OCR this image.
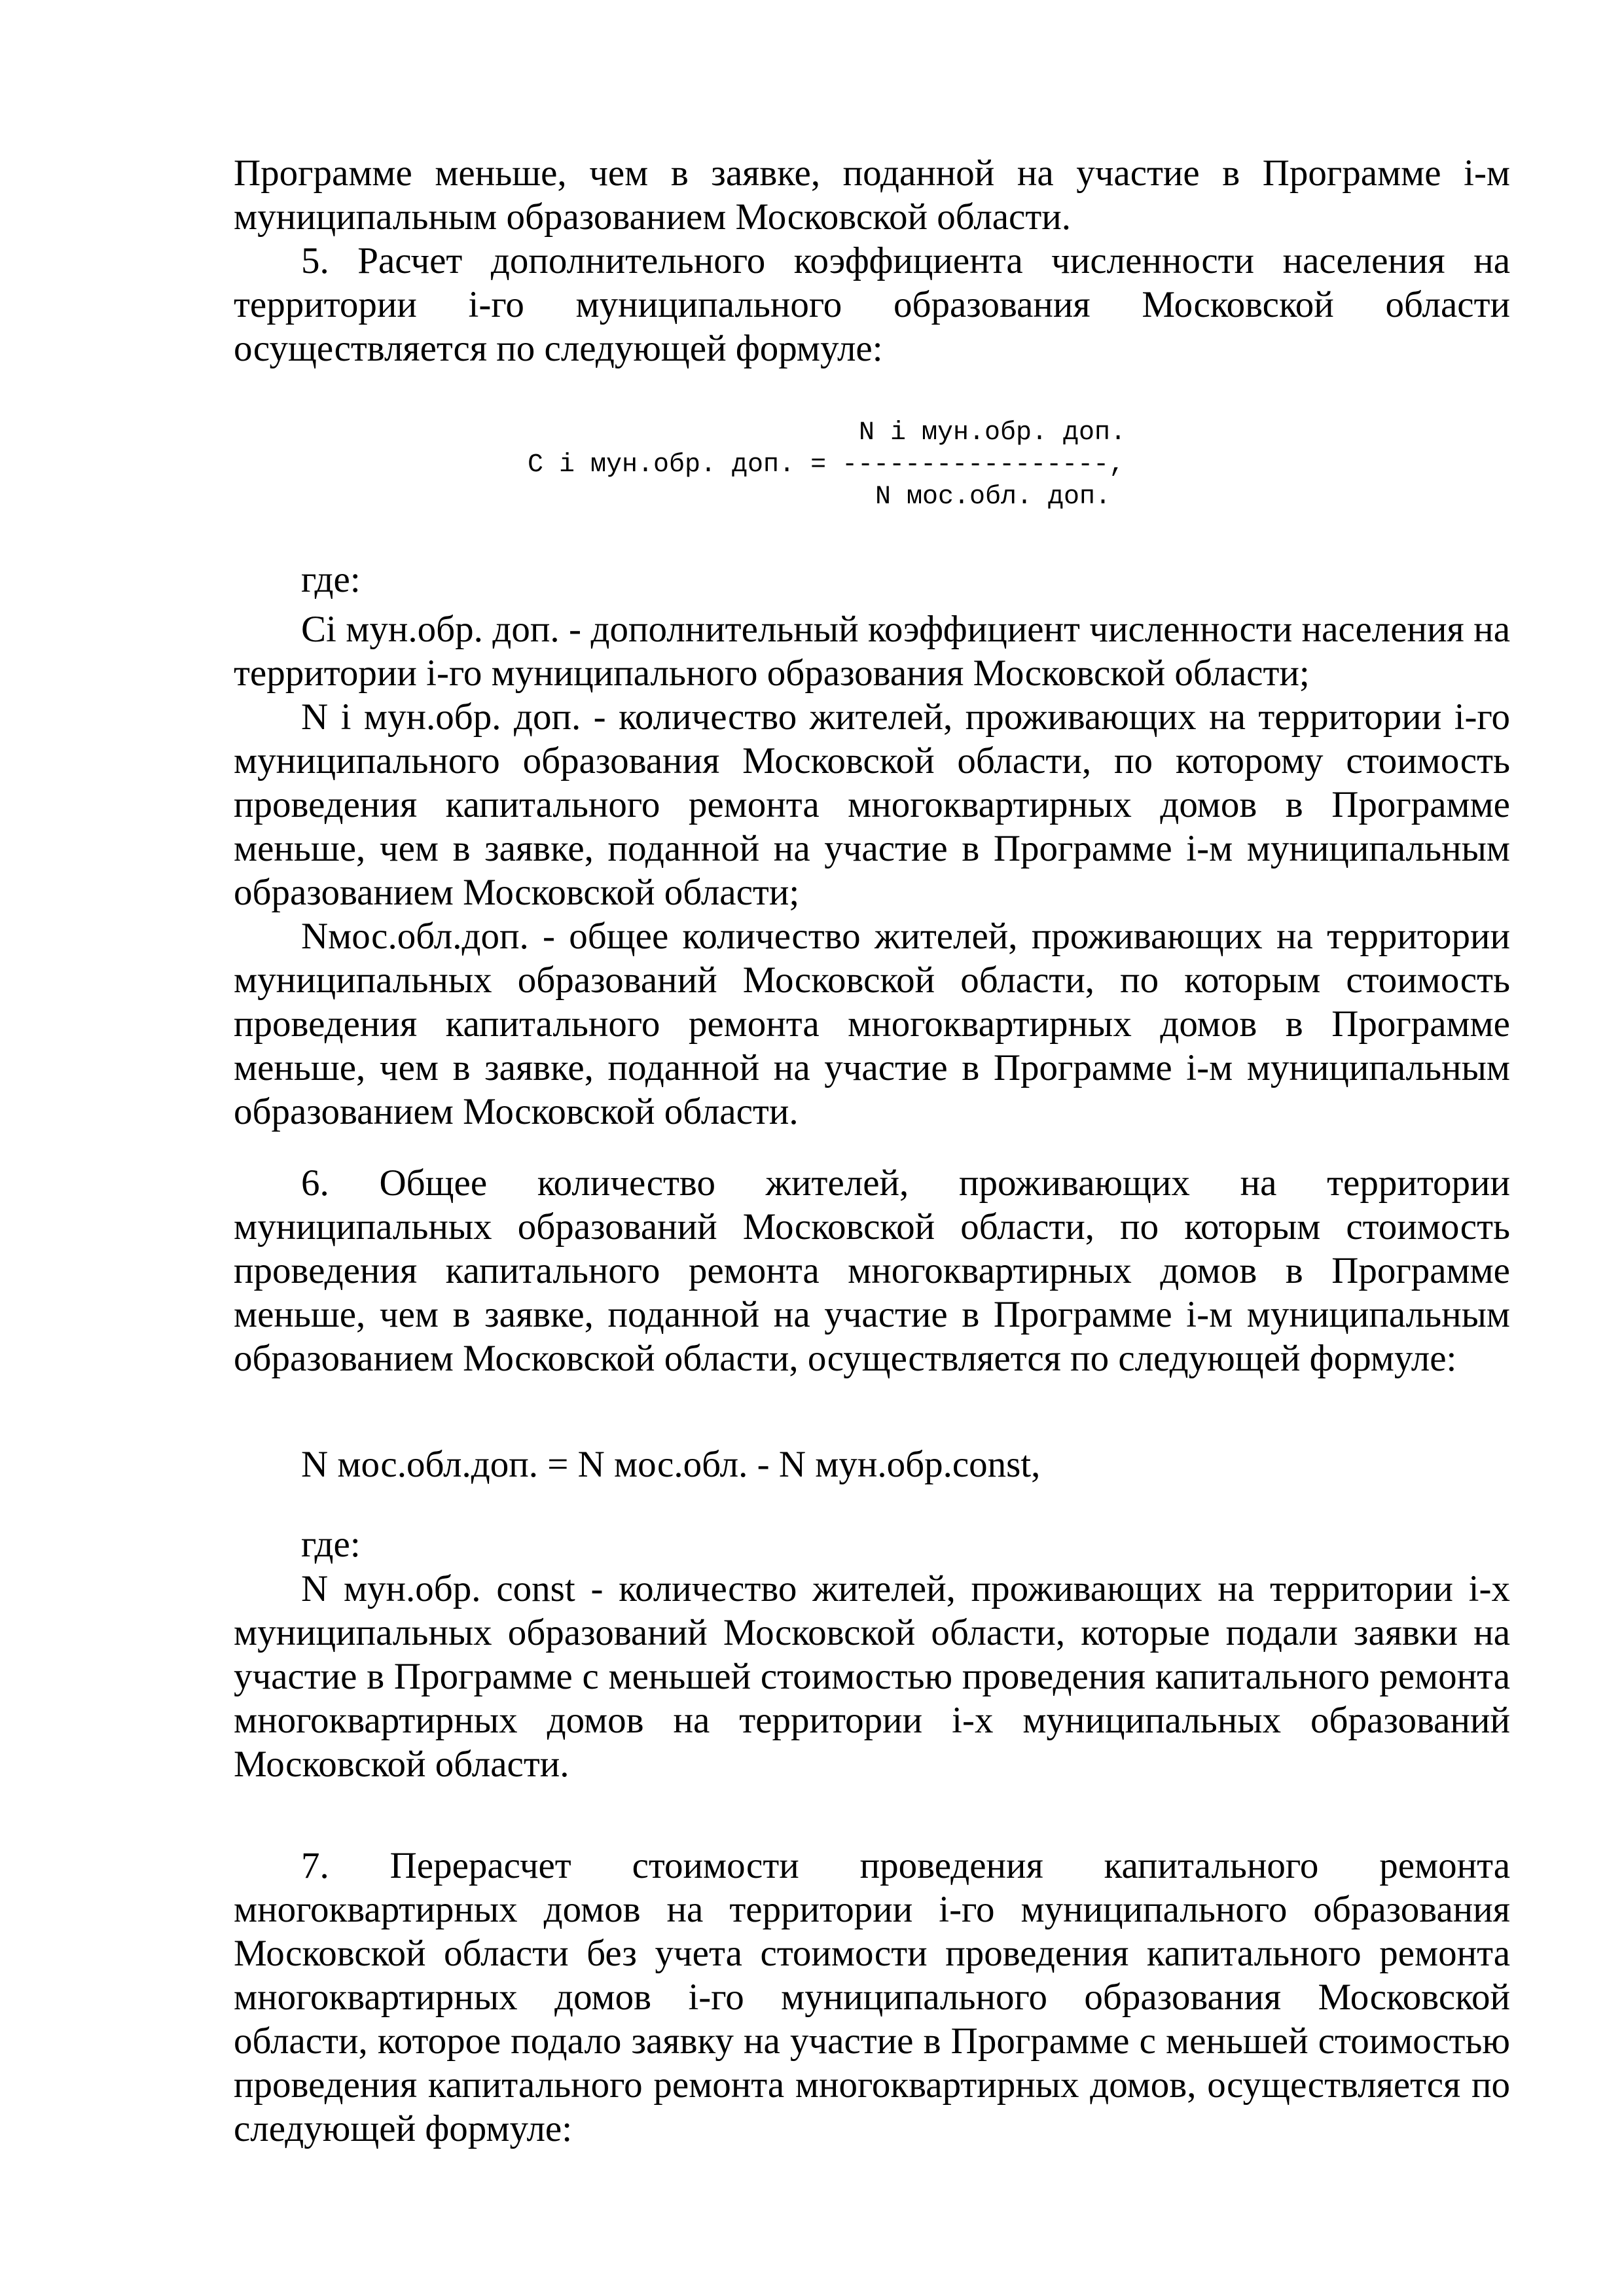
Программе меньше, чем в заявке, поданной на участие в Программе i-м муниципальным образованием Московской области.

5. Расчет дополнительного коэффициента численности населения на территории i-го муниципального образования Московской области осуществляется по следующей формуле:

N i мун.обр. доп.
С i мун.обр. доп. = -----------------,
N мос.обл. доп.
где:

Сi мун.обр. доп. - дополнительный коэффициент численности населения на территории i-го муниципального образования Московской области;

N i мун.обр. доп. - количество жителей, проживающих на территории i-го муниципального образования Московской области, по которому стоимость проведения капитального ремонта многоквартирных домов в Программе меньше, чем в заявке, поданной на участие в Программе i-м муниципальным образованием Московской области;

Nмос.обл.доп. - общее количество жителей, проживающих на территории муниципальных образований Московской области, по которым стоимость проведения капитального ремонта многоквартирных домов в Программе меньше, чем в заявке, поданной на участие в Программе i-м муниципальным образованием Московской области.

6. Общее количество жителей, проживающих на территории муниципальных образований Московской области, по которым стоимость проведения капитального ремонта многоквартирных домов в Программе меньше, чем в заявке, поданной на участие в Программе i-м муниципальным образованием Московской области, осуществляется по следующей формуле:

N мос.обл.доп. = N мос.обл. - N мун.обр.const,
где:

N мун.обр. const - количество жителей, проживающих на территории i-х муниципальных образований Московской области, которые подали заявки на участие в Программе с меньшей стоимостью проведения капитального ремонта многоквартирных домов на территории i-х муниципальных образований Московской области.

7. Перерасчет стоимости проведения капитального ремонта многоквартирных домов на территории i-го муниципального образования Московской области без учета стоимости проведения капитального ремонта многоквартирных домов i-го муниципального образования Московской области, которое подало заявку на участие в Программе с меньшей стоимостью проведения капитального ремонта многоквартирных домов, осуществляется по следующей формуле:
